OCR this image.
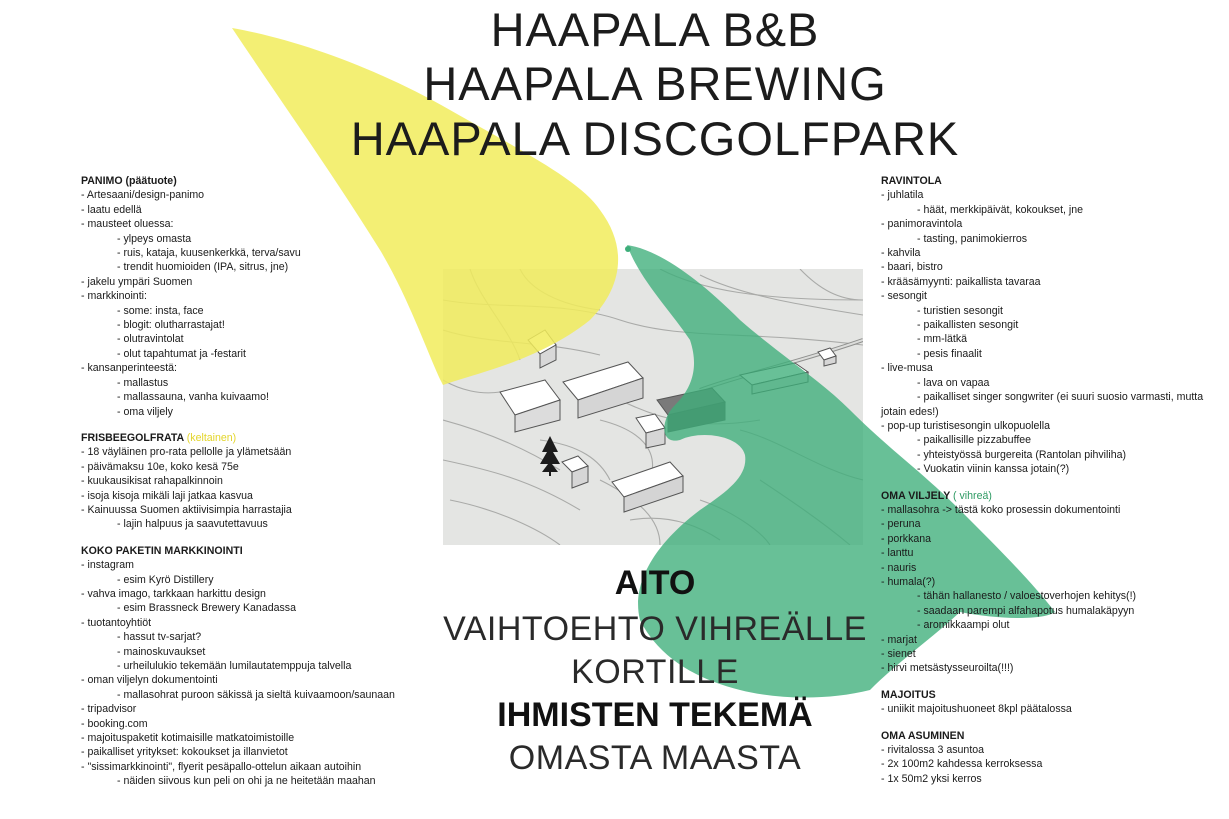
HAAPALA B&B
HAAPALA BREWING
HAAPALA DISCGOLFPARK
PANIMO (päätuote)
- Artesaani/design-panimo
- laatu edellä
- mausteet oluessa:
- ylpeys omasta
- ruis, kataja, kuusenkerkkä, terva/savu
- trendit huomioiden (IPA, sitrus, jne)
- jakelu ympäri Suomen
- markkinointi:
- some: insta, face
- blogit: olutharrastajat!
- olutravintolat
- olut tapahtumat ja -festarit
- kansanperinteestä:
- mallastus
- mallassauna, vanha kuivaamo!
- oma viljely
FRISBEEGOLFRATA (keltainen)
- 18 väyläinen pro-rata pellolle ja ylämetsään
- päivämaksu 10e, koko kesä 75e
- kuukausikisat rahapalkinnoin
- isoja kisoja mikäli laji jatkaa kasvua
- Kainuussa Suomen aktiivisimpia harrastajia
- lajin halpuus ja saavutettavuus
KOKO PAKETIN MARKKINOINTI
- instagram
- esim Kyrö Distillery
- vahva imago, tarkkaan harkittu design
- esim Brassneck Brewery Kanadassa
- tuotantoyhtiöt
- hassut tv-sarjat?
- mainoskuvaukset
- urheilulukio tekemään lumilautatemppuja talvella
- oman viljelyn dokumentointi
- mallasohrat puroon säkissä ja sieltä kuivaamoon/saunaan
- tripadvisor
- booking.com
- majoituspaketit kotimaisille matkatoimistoille
- paikalliset yritykset: kokoukset ja illanvietot
- "sissimarkkinointi", flyerit pesäpallo-ottelun aikaan autoihin
- näiden siivous kun peli on ohi ja ne heitetään maahan
RAVINTOLA
- juhlatila
- häät, merkkipäivät, kokoukset, jne
- panimoravintola
- tasting, panimokierros
- kahvila
- baari, bistro
- krääsämyynti: paikallista tavaraa
- sesongit
- turistien sesongit
- paikallisten sesongit
- mm-lätkä
- pesis finaalit
- live-musa
- lava on vapaa
- paikalliset singer songwriter (ei suuri suosio varmasti, mutta jotain edes!)
- pop-up turistisesongin ulkopuolella
- paikallisille pizzabuffee
- yhteistyössä burgereita (Rantolan pihviliha)
- Vuokatin viinin kanssa jotain(?)
OMA VILJELY ( vihreä)
- mallasohra -> tästä koko prosessin dokumentointi
- peruna
- porkkana
- lanttu
- nauris
- humala(?)
- tähän hallanesto / valoestoverhojen kehitys(!)
- saadaan parempi alfahapotus humalakäpyyn
- aromikkaampi olut
- marjat
- sienet
- hirvi metsästysseuroilta(!!!)
MAJOITUS
- uniikit majoitushuoneet 8kpl päätalossa
OMA ASUMINEN
- rivitalossa 3 asuntoa
- 2x 100m2 kahdessa kerroksessa
- 1x 50m2 yksi kerros
AITO
VAIHTOEHTO VIHREÄLLE
KORTILLE
IHMISTEN TEKEMÄ
OMASTA MAASTA
